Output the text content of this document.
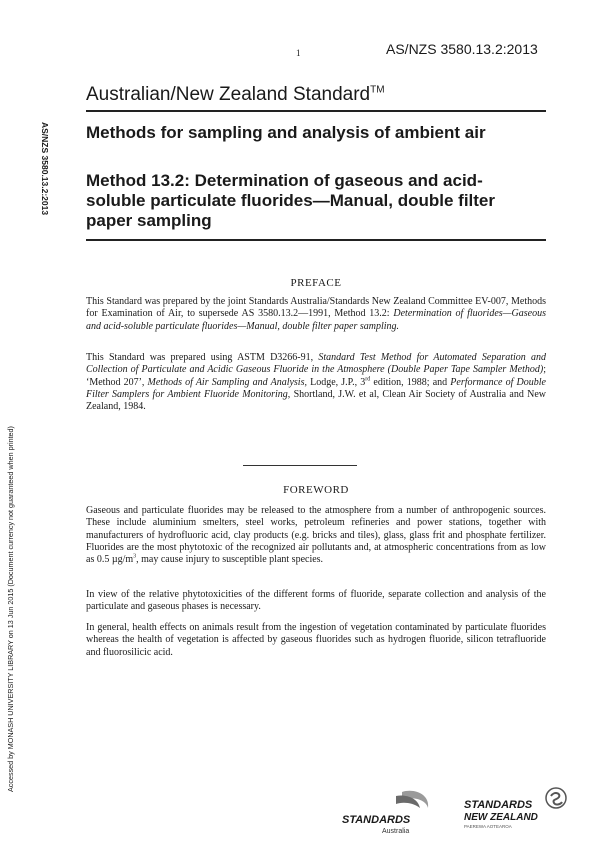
1	AS/NZS 3580.13.2:2013
Australian/New Zealand Standard™
AS/NZS 3580.13.2:2013
Accessed by MONASH UNIVERSITY LIBRARY on 13 Jun 2015 (Document currency not guaranteed when printed)
Methods for sampling and analysis of ambient air
Method 13.2: Determination of gaseous and acid-soluble particulate fluorides—Manual, double filter paper sampling
PREFACE
This Standard was prepared by the joint Standards Australia/Standards New Zealand Committee EV-007, Methods for Examination of Air, to supersede AS 3580.13.2—1991, Method 13.2: Determination of fluorides—Gaseous and acid-soluble particulate fluorides—Manual, double filter paper sampling.
This Standard was prepared using ASTM D3266-91, Standard Test Method for Automated Separation and Collection of Particulate and Acidic Gaseous Fluoride in the Atmosphere (Double Paper Tape Sampler Method); ‘Method 207’, Methods of Air Sampling and Analysis, Lodge, J.P., 3rd edition, 1988; and Performance of Double Filter Samplers for Ambient Fluoride Monitoring, Shortland, J.W. et al, Clean Air Society of Australia and New Zealand, 1984.
FOREWORD
Gaseous and particulate fluorides may be released to the atmosphere from a number of anthropogenic sources. These include aluminium smelters, steel works, petroleum refineries and power stations, together with manufacturers of hydrofluoric acid, clay products (e.g. bricks and tiles), glass, glass frit and phosphate fertilizer. Fluorides are the most phytotoxic of the recognized air pollutants and, at atmospheric concentrations from as low as 0.5 $\mu g/m^3$, may cause injury to susceptible plant species.
In view of the relative phytotoxicities of the different forms of fluoride, separate collection and analysis of the particulate and gaseous phases is necessary.
In general, health effects on animals result from the ingestion of vegetation contaminated by particulate fluorides whereas the health of vegetation is affected by gaseous fluorides such as hydrogen fluoride, silicon tetrafluoride and fluorosilicic acid.
STANDARDS
Australia
STANDARDS
NEW ZEALAND
PAEREWA AOTEAROA
